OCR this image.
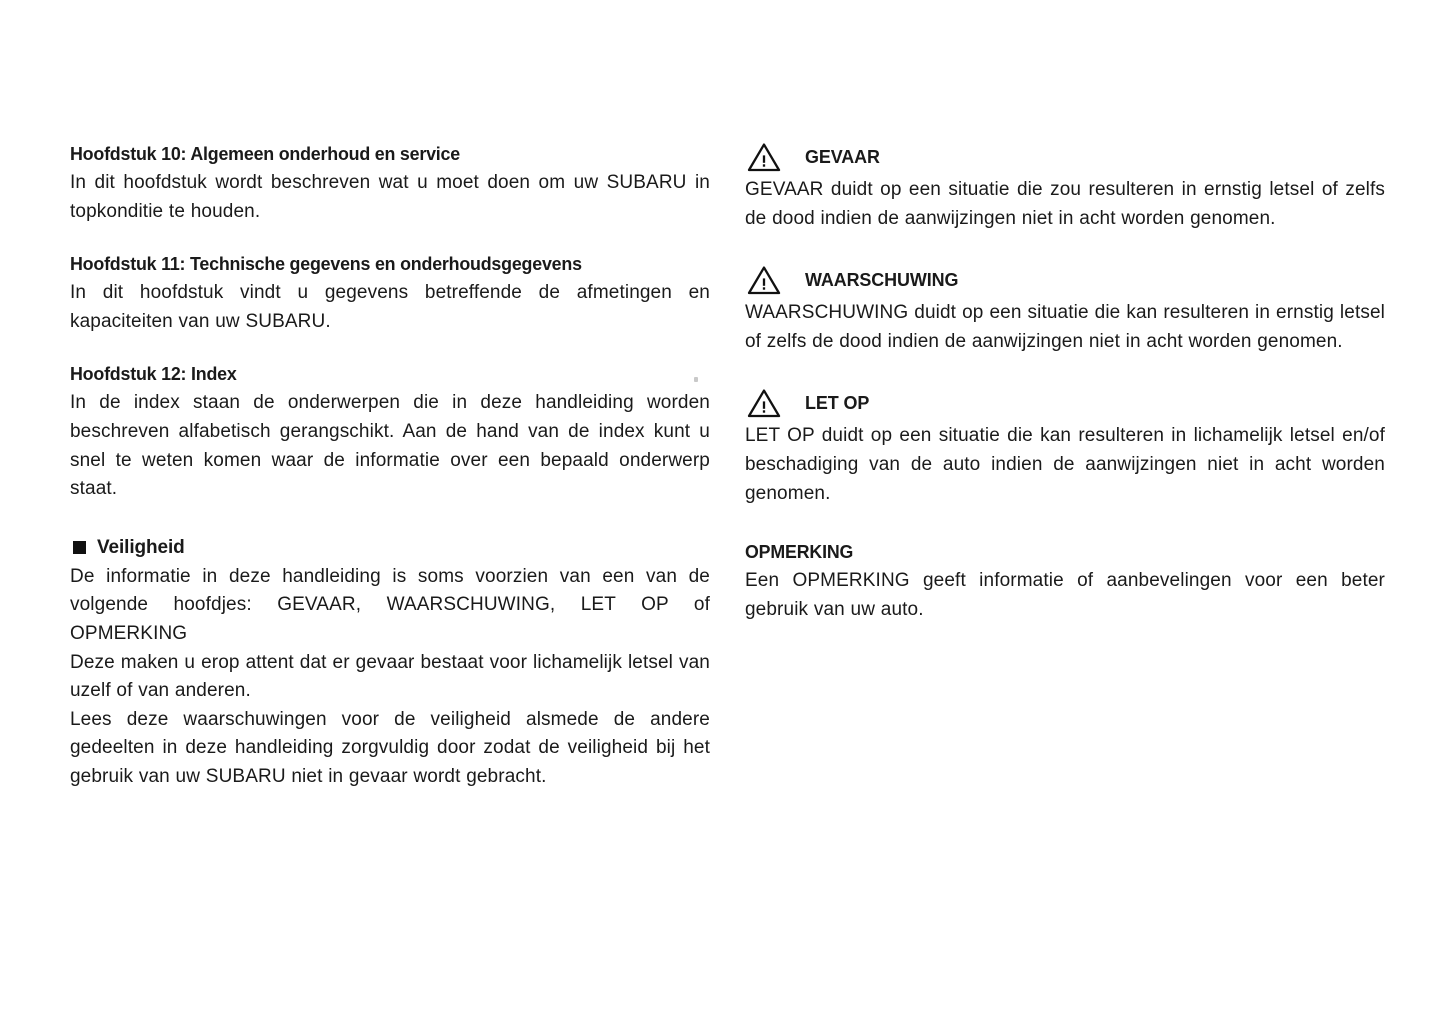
Hoofdstuk 10: Algemeen onderhoud en service

In dit hoofdstuk wordt beschreven wat u moet doen om uw SUBARU in topkonditie te houden.

Hoofdstuk 11: Technische gegevens en onderhoudsgegevens

In dit hoofdstuk vindt u gegevens betreffende de afmetingen en kapaciteiten van uw SUBARU.

Hoofdstuk 12: Index

In de index staan de onderwerpen die in deze handleiding worden beschreven alfabetisch gerangschikt. Aan de hand van de index kunt u snel te weten komen waar de informatie over een bepaald onderwerp staat.

Veiligheid

De informatie in deze handleiding is soms voorzien van een van de volgende hoofdjes: GEVAAR, WAARSCHUWING, LET OP of OPMERKING

Deze maken u erop attent dat er gevaar bestaat voor lichamelijk letsel van uzelf of van anderen.

Lees deze waarschuwingen voor de veiligheid alsmede de andere gedeelten in deze handleiding zorgvuldig door zodat de veiligheid bij het gebruik van uw SUBARU niet in gevaar wordt gebracht.

GEVAAR

GEVAAR duidt op een situatie die zou resulteren in ernstig letsel of zelfs de dood indien de aanwijzingen niet in acht worden genomen.

WAARSCHUWING

WAARSCHUWING duidt op een situatie die kan resulteren in ernstig letsel of zelfs de dood indien de aanwijzingen niet in acht worden genomen.

LET OP

LET OP duidt op een situatie die kan resulteren in lichamelijk letsel en/of beschadiging van de auto indien de aanwijzingen niet in acht worden genomen.

OPMERKING

Een OPMERKING geeft informatie of aanbevelingen voor een beter gebruik van uw auto.
